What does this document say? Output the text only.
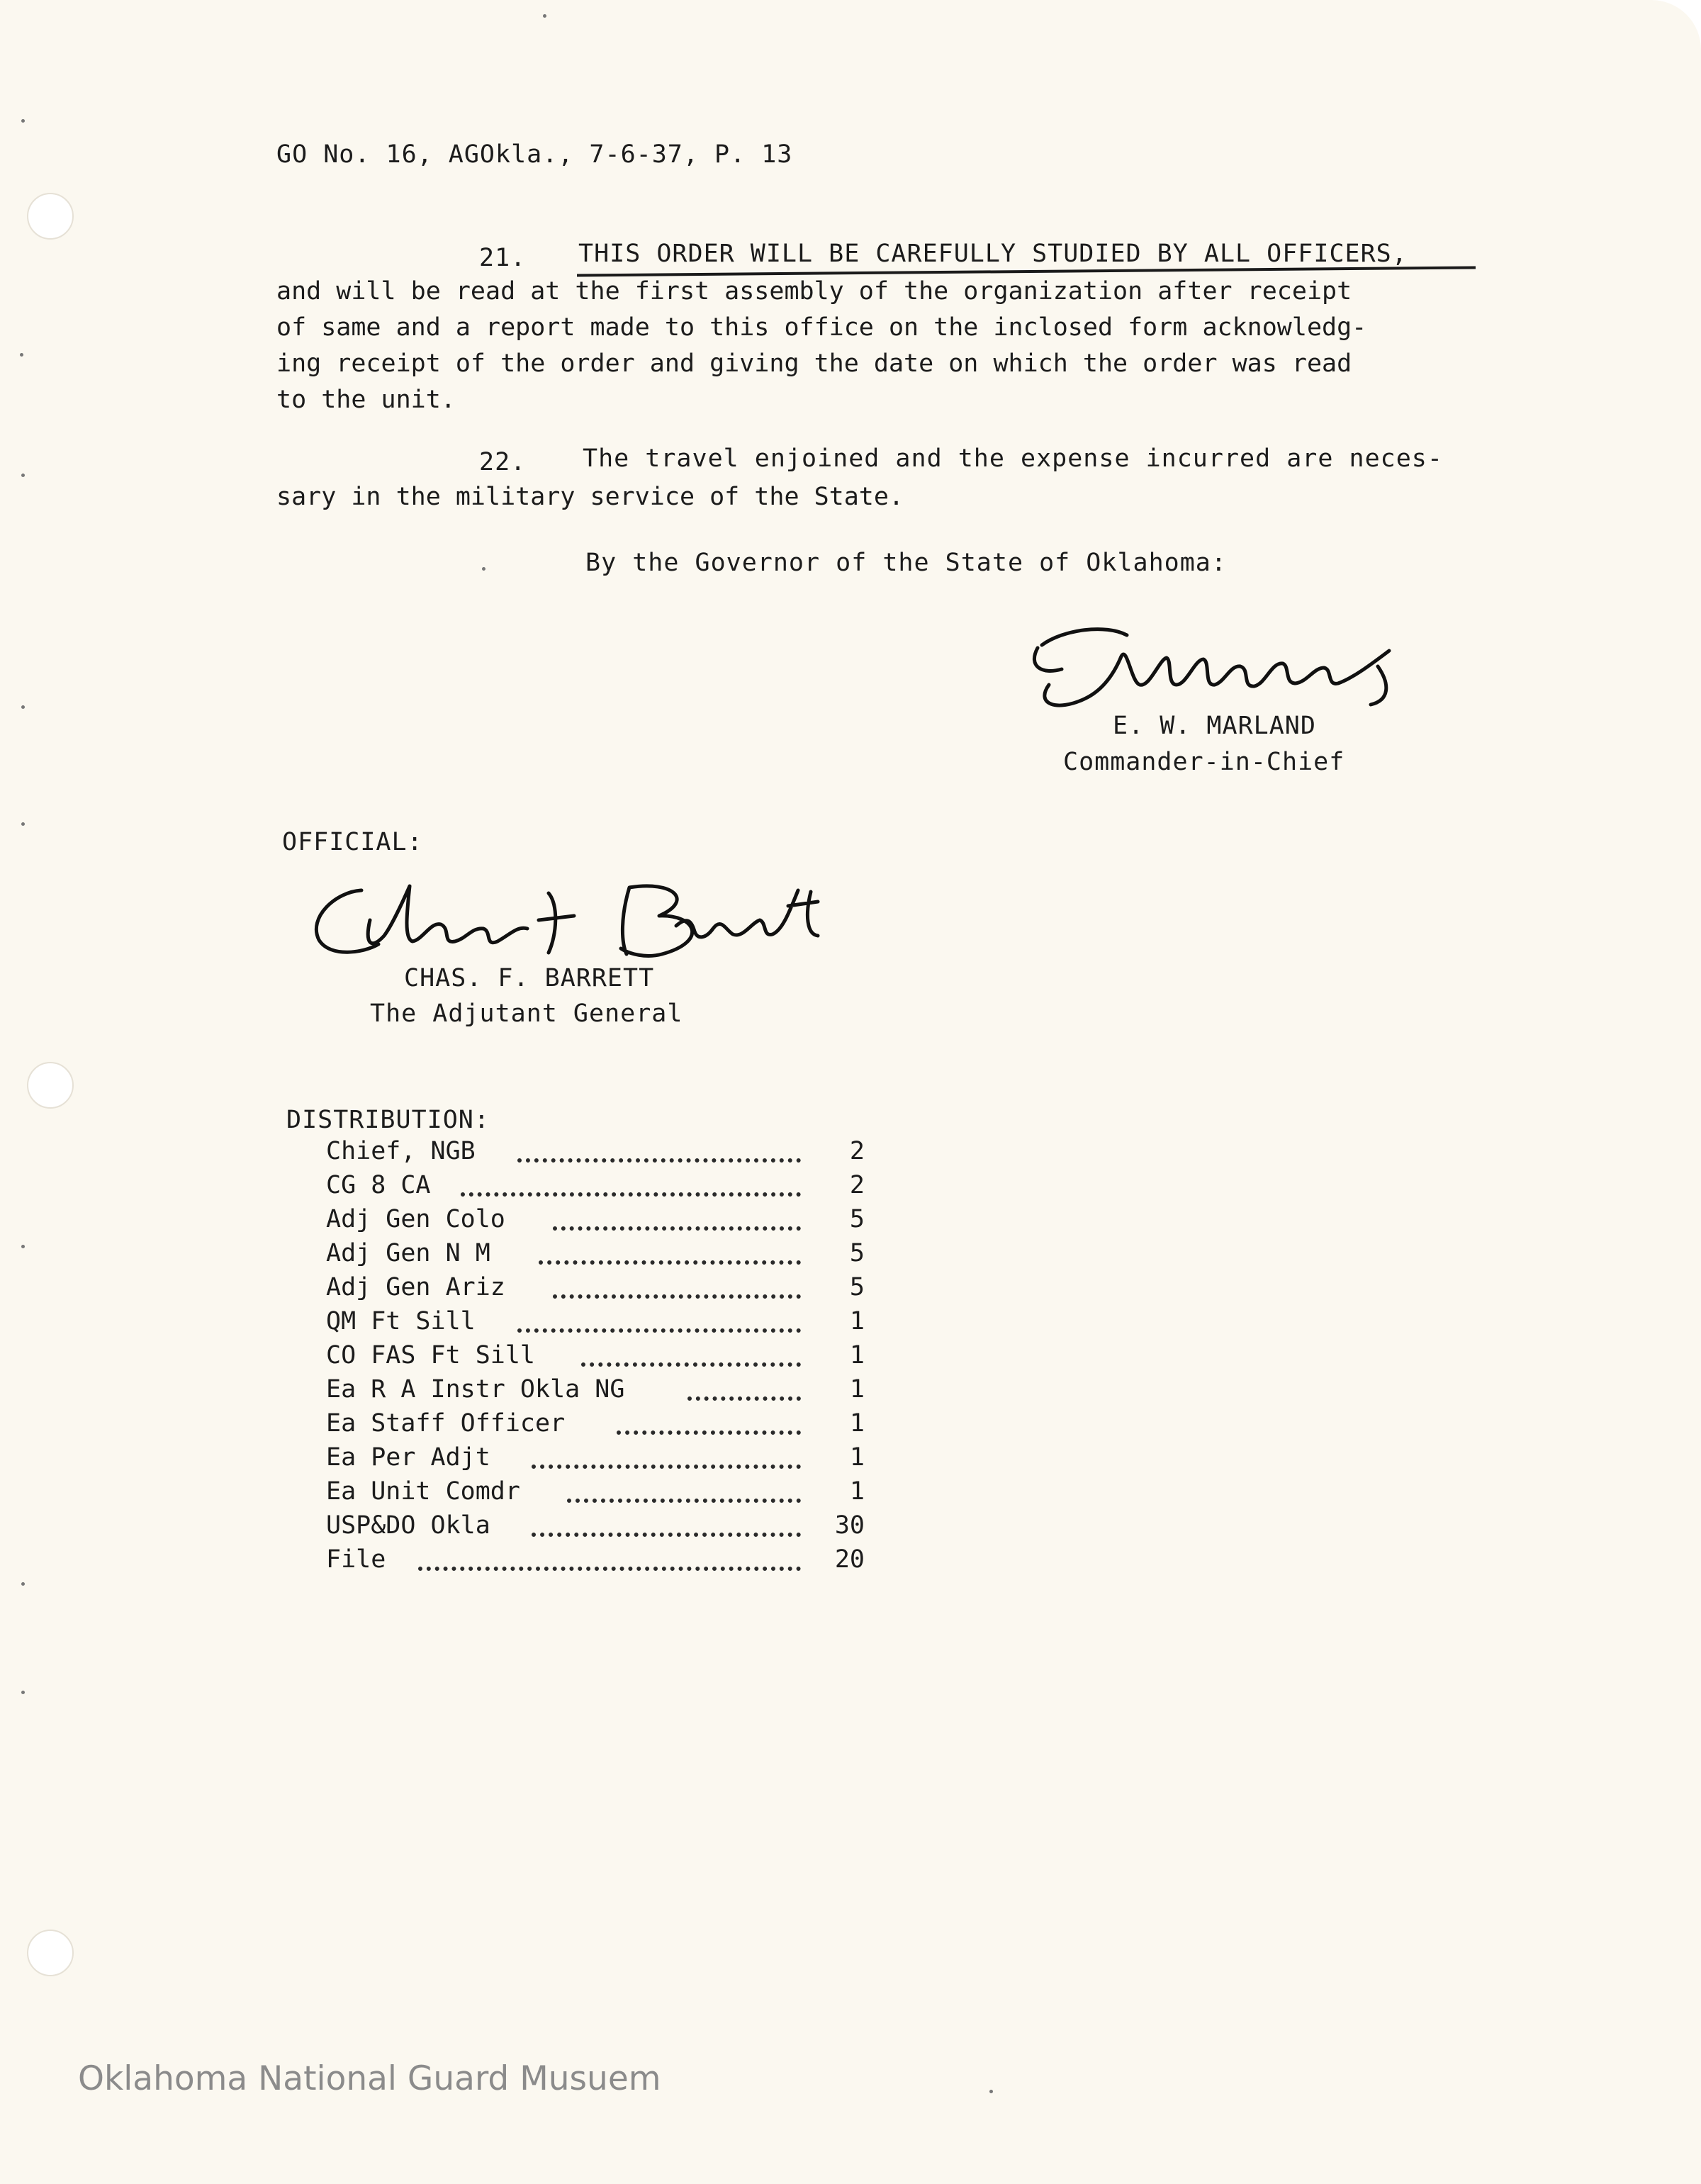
GO No. 16, AGOkla., 7-6-37, P. 13
21. THIS ORDER WILL BE CAREFULLY STUDIED BY ALL OFFICERS,
and will be read at the first assembly of the organization after receipt
of same and a report made to this office on the inclosed form acknowledg-
ing receipt of the order and giving the date on which the order was read
to the unit.
22. The travel enjoined and the expense incurred are neces-
sary in the military service of the State.
By the Governor of the State of Oklahoma:
E. W. MARLAND
Commander-in-Chief
OFFICIAL:
CHAS. F. BARRETT
The Adjutant General
DISTRIBUTION:
Chief, NGB	2
CG 8 CA	2
Adj Gen Colo	5
Adj Gen N M	5
Adj Gen Ariz	5
QM Ft Sill	1
CO FAS Ft Sill	1
Ea R A Instr Okla NG	1
Ea Staff Officer	1
Ea Per Adjt	1
Ea Unit Comdr	1
USP&DO Okla	30
File	20
Oklahoma National Guard Musuem
